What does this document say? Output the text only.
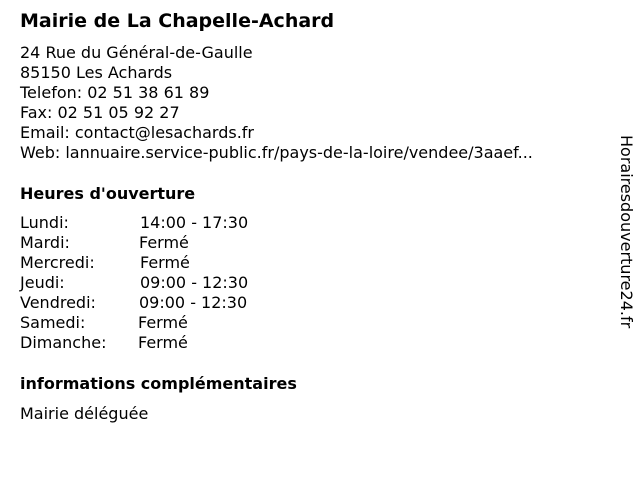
Mairie de La Chapelle-Achard
24 Rue du Général-de-Gaulle
85150 Les Achards
Telefon: 02 51 38 61 89
Fax: 02 51 05 92 27
Email: contact@lesachards.fr
Web: lannuaire.service-public.fr/pays-de-la-loire/vendee/3aaef...
Heures d'ouverture
Lundi:	14:00 - 17:30
Mardi:	Fermé
Mercredi:	Fermé
Jeudi:	09:00 - 12:30
Vendredi:	09:00 - 12:30
Samedi:	Fermé
Dimanche: Fermé
informations complémentaires
Mairie déléguée
Horairesdouverture24.fr
